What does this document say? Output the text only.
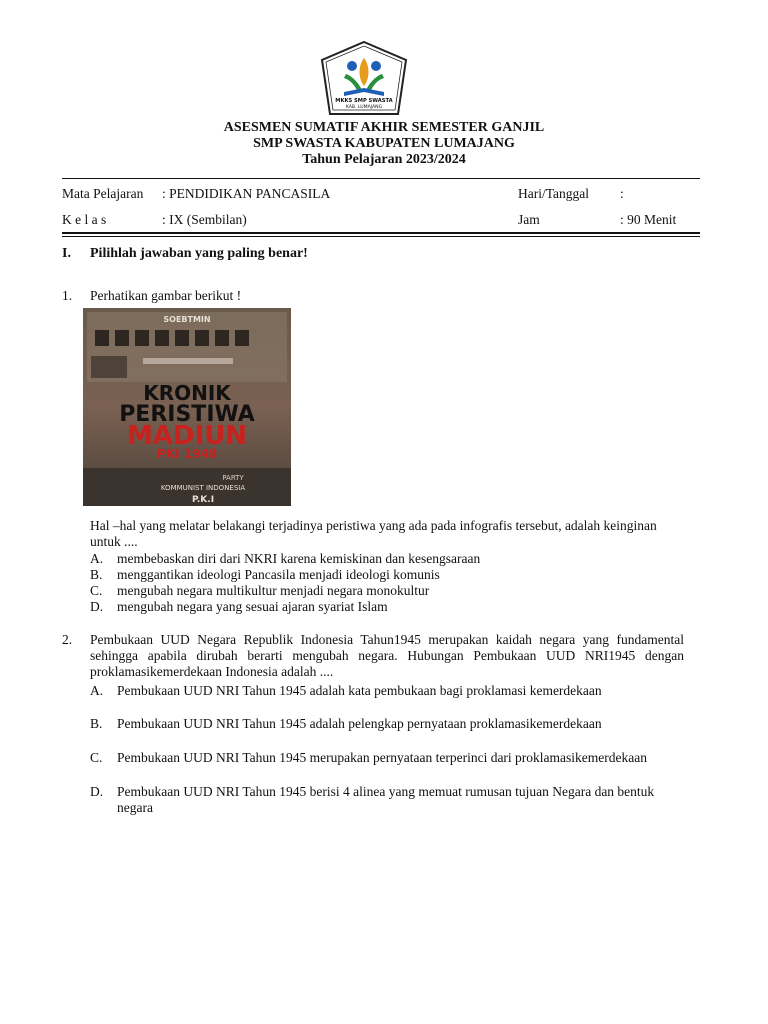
MKKS SMP SWASTA
KAB. LUMAJANG
ASESMEN SUMATIF AKHIR SEMESTER GANJIL
SMP SWASTA KABUPATEN LUMAJANG
Tahun Pelajaran 2023/2024
Mata Pelajaran : PENDIDIKAN PANCASILA	Hari/Tanggal :
K e l a s	: IX (Sembilan)	Jam	: 90 Menit
I. Pilihlah jawaban yang paling benar!
1. Perhatikan gambar berikut !
SOEBTMIN
KRONIK
PERISTIWA
MADIUN
PKI 1948
PARTY
KOMMUNIST INDONESIA
P.K.I
Hal –hal yang melatar belakangi terjadinya peristiwa yang ada pada infografis tersebut, adalah keinginan untuk ....
A. membebaskan diri dari NKRI karena kemiskinan dan kesengsaraan
B. menggantikan ideologi Pancasila menjadi ideologi komunis
C. mengubah negara multikultur menjadi negara monokultur
D. mengubah negara yang sesuai ajaran syariat Islam
2. Pembukaan UUD Negara Republik Indonesia Tahun1945 merupakan kaidah negara yang fundamental sehingga apabila dirubah berarti mengubah negara. Hubungan Pembukaan UUD NRI1945 dengan proklamasikemerdekaan Indonesia adalah ....
A. Pembukaan UUD NRI Tahun 1945 adalah kata pembukaan bagi proklamasi kemerdekaan
B. Pembukaan UUD NRI Tahun 1945 adalah pelengkap pernyataan proklamasikemerdekaan
C. Pembukaan UUD NRI Tahun 1945 merupakan pernyataan terperinci dari proklamasikemerdekaan
D. Pembukaan UUD NRI Tahun 1945 berisi 4 alinea yang memuat rumusan tujuan Negara dan bentuk negara
